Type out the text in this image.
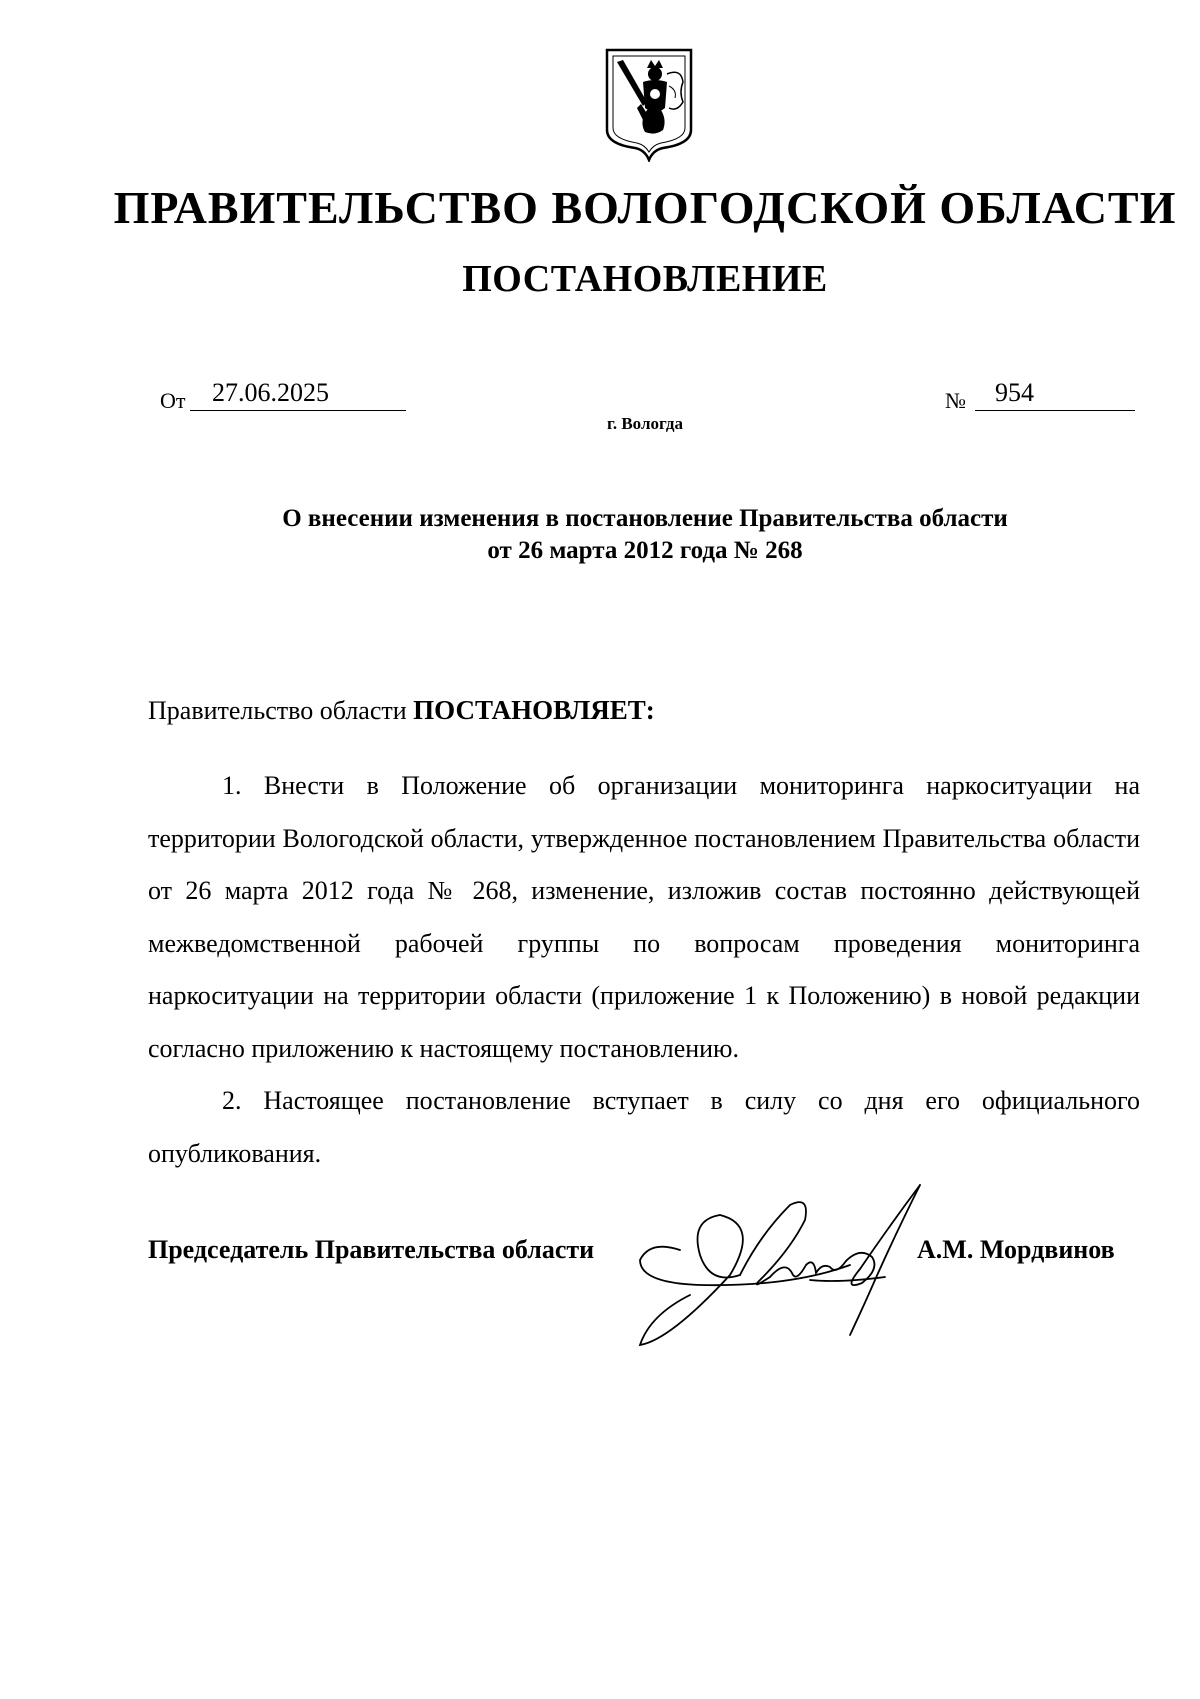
ПРАВИТЕЛЬСТВО ВОЛОГОДСКОЙ ОБЛАСТИ
ПОСТАНОВЛЕНИЕ
От	27.06.2025	№	954
г. Вологда
О внесении изменения в постановление Правительства области
от 26 марта 2012 года № 268
Правительство области ПОСТАНОВЛЯЕТ:

1. Внести в Положение об организации мониторинга наркоситуации на территории Вологодской области, утвержденное постановлением Правительства области от 26 марта 2012 года № 268, изменение, изложив состав постоянно действующей межведомственной рабочей группы по вопросам проведения мониторинга наркоситуации на территории области (приложение 1 к Положению) в новой редакции согласно приложению к настоящему постановлению.

2. Настоящее постановление вступает в силу со дня его официального опубликования.

Председатель Правительства области	А.М. Мордвинов
